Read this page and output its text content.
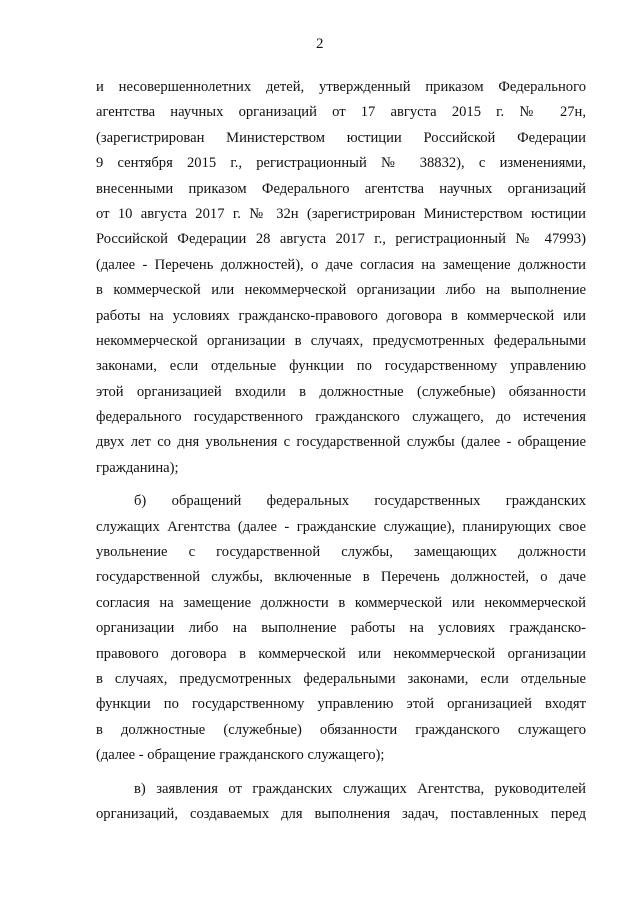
2
и несовершеннолетних детей, утвержденный приказом Федерального
агентства научных организаций от 17 августа 2015 г. № 27н,
(зарегистрирован Министерством юстиции Российской Федерации
9 сентября 2015 г., регистрационный № 38832), с изменениями,
внесенными приказом Федерального агентства научных организаций
от 10 августа 2017 г. № 32н (зарегистрирован Министерством юстиции
Российской Федерации 28 августа 2017 г., регистрационный № 47993)
(далее - Перечень должностей), о даче согласия на замещение должности
в коммерческой или некоммерческой организации либо на выполнение
работы на условиях гражданско-правового договора в коммерческой или
некоммерческой организации в случаях, предусмотренных федеральными
законами, если отдельные функции по государственному управлению
этой организацией входили в должностные (служебные) обязанности
федерального государственного гражданского служащего, до истечения
двух лет со дня увольнения с государственной службы (далее - обращение
гражданина);
б) обращений федеральных государственных гражданских
служащих Агентства (далее - гражданские служащие), планирующих свое
увольнение с государственной службы, замещающих должности
государственной службы, включенные в Перечень должностей, о даче
согласия на замещение должности в коммерческой или некоммерческой
организации либо на выполнение работы на условиях гражданско-
правового договора в коммерческой или некоммерческой организации
в случаях, предусмотренных федеральными законами, если отдельные
функции по государственному управлению этой организацией входят
в должностные (служебные) обязанности гражданского служащего
(далее - обращение гражданского служащего);
в) заявления от гражданских служащих Агентства, руководителей
организаций, создаваемых для выполнения задач, поставленных перед
